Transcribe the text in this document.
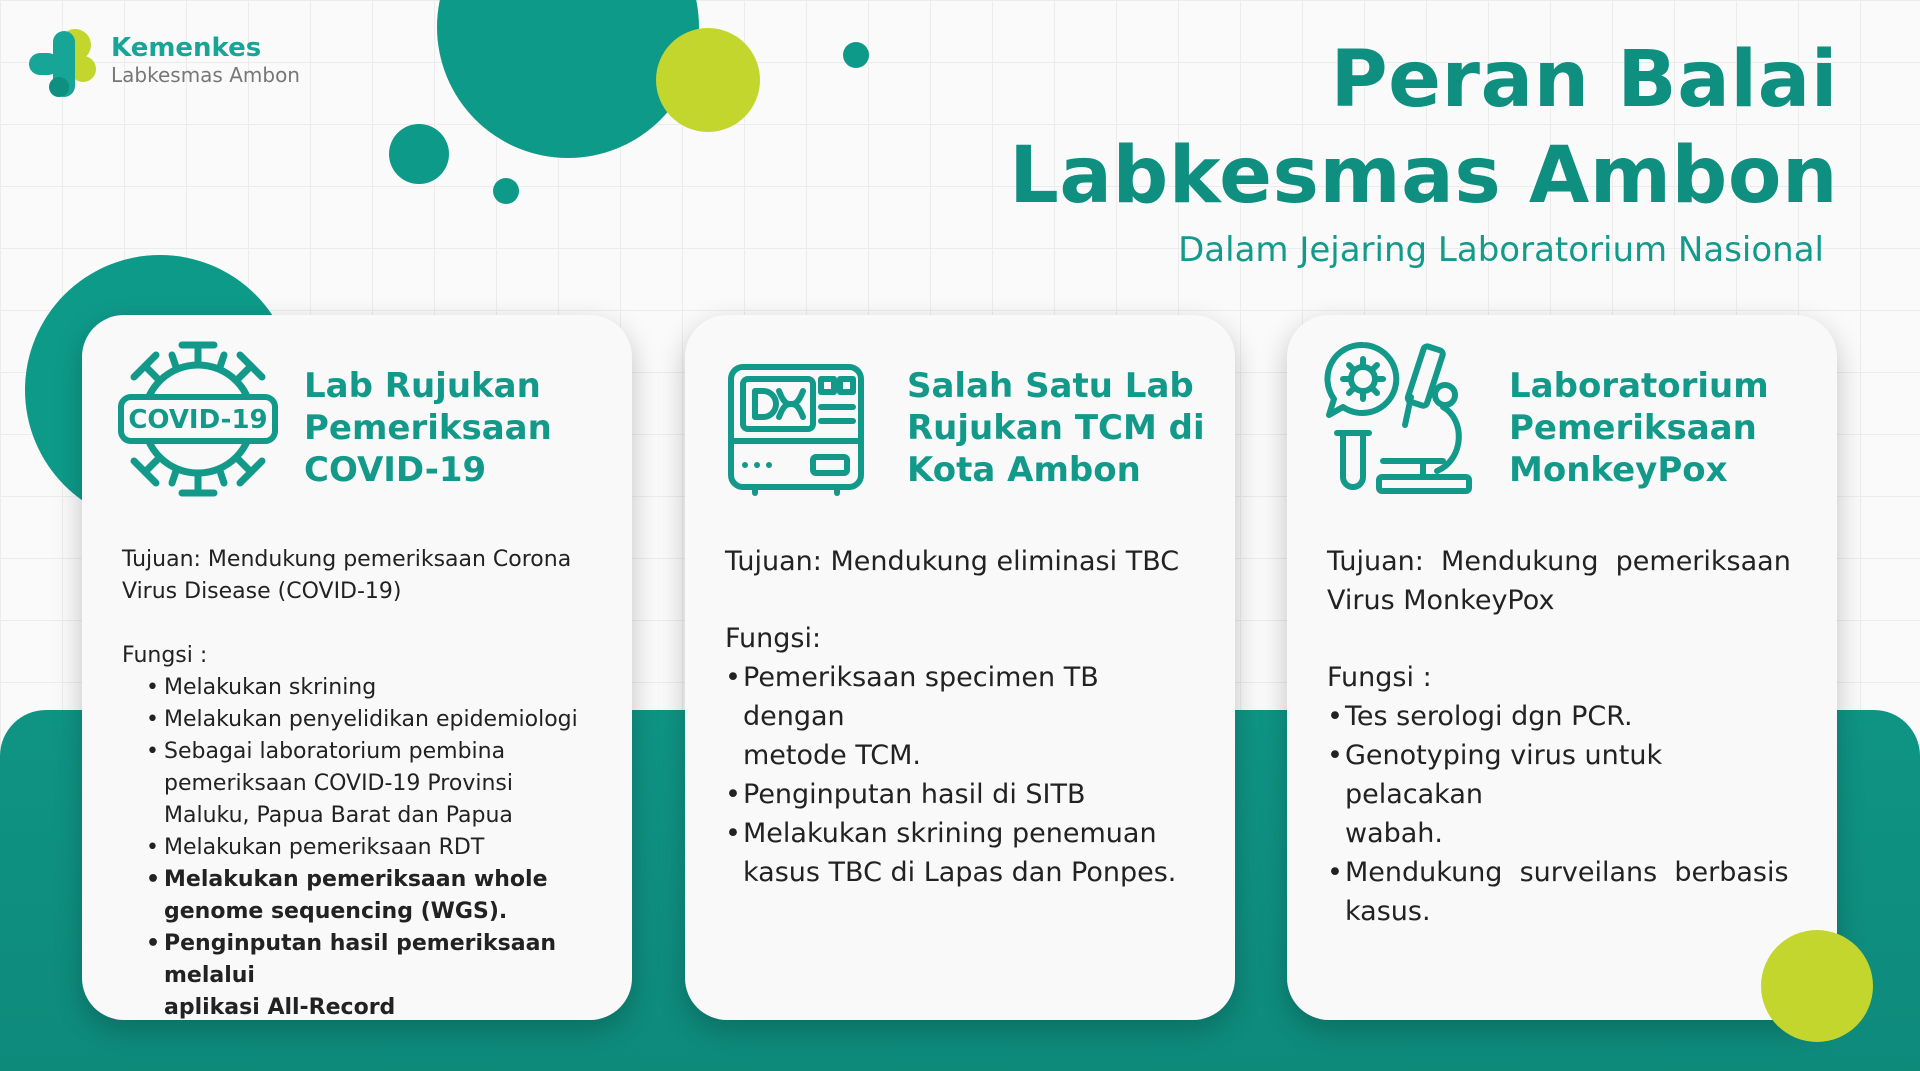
Kemenkes
Labkesmas Ambon	Peran Balai
Labkesmas Ambon
Dalam Jejaring Laboratorium Nasional
COVID-19
Lab Rujukan
Pemeriksaan
COVID-19
Tujuan: Mendukung pemeriksaan Corona
Virus Disease (COVID-19)
Fungsi :
• Melakukan skrining
• Melakukan penyelidikan epidemiologi
• Sebagai laboratorium pembina
pemeriksaan COVID-19 Provinsi
Maluku, Papua Barat dan Papua
• Melakukan pemeriksaan RDT
• Melakukan pemeriksaan whole
genome sequencing (WGS).
• Penginputan hasil pemeriksaan melalui
aplikasi All-Record
Salah Satu Lab
Rujukan TCM di
Kota Ambon
Tujuan: Mendukung eliminasi TBC
Fungsi:
• Pemeriksaan specimen TB dengan
metode TCM.
• Penginputan hasil di SITB
• Melakukan skrining penemuan
kasus TBC di Lapas dan Ponpes.
Laboratorium
Pemeriksaan
MonkeyPox
Tujuan:  Mendukung  pemeriksaan
Virus MonkeyPox
Fungsi :
• Tes serologi dgn PCR.
• Genotyping virus untuk pelacakan
wabah.
• Mendukung  surveilans  berbasis
kasus.
